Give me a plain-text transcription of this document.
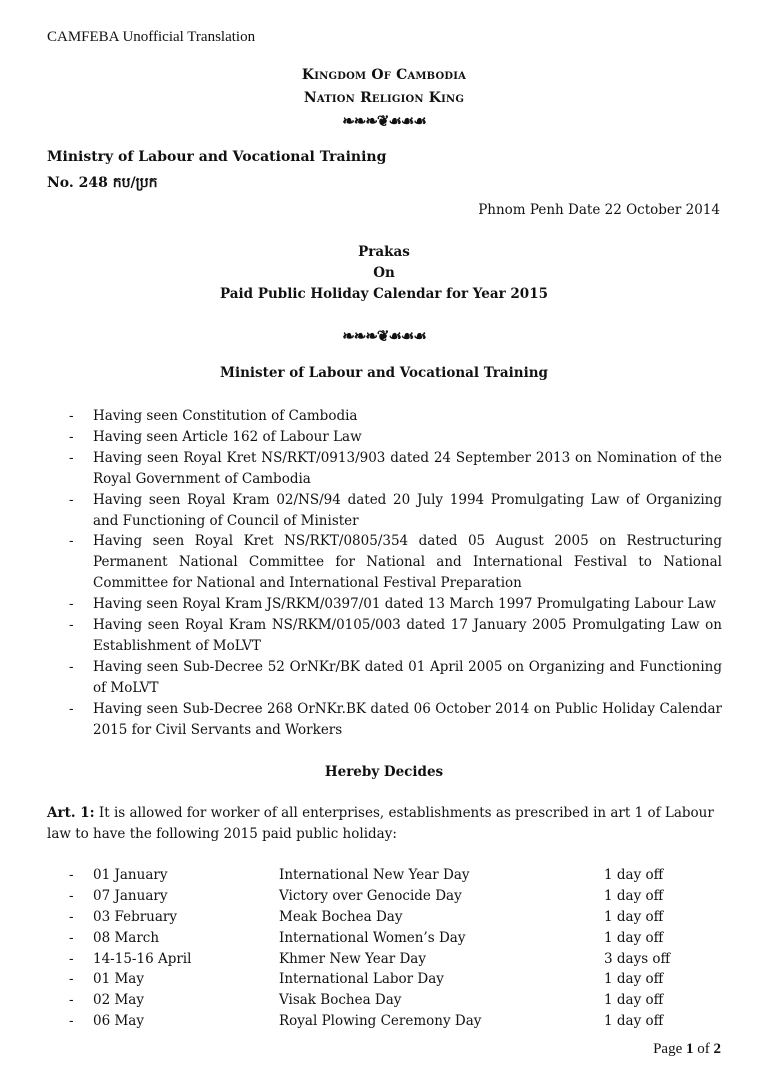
CAMFEBA Unofficial Translation
Kingdom Of Cambodia
Nation Religion King
❧❧❧❦☙☙☙
Ministry of Labour and Vocational Training
No. 248 កប/ប្រក
Phnom Penh Date 22 October 2014
Prakas
On
Paid Public Holiday Calendar for Year 2015
❧❧❧❦☙☙☙
Minister of Labour and Vocational Training
- Having seen Constitution of Cambodia
- Having seen Article 162 of Labour Law
- Having seen Royal Kret NS/RKT/0913/903 dated 24 September 2013 on Nomination of the Royal Government of Cambodia
- Having seen Royal Kram 02/NS/94 dated 20 July 1994 Promulgating Law of Organizing and Functioning of Council of Minister
- Having seen Royal Kret NS/RKT/0805/354 dated 05 August 2005 on Restructuring Permanent National Committee for National and International Festival to National Committee for National and International Festival Preparation
- Having seen Royal Kram JS/RKM/0397/01 dated 13 March 1997 Promulgating Labour Law
- Having seen Royal Kram NS/RKM/0105/003 dated 17 January 2005 Promulgating Law on Establishment of MoLVT
- Having seen Sub-Decree 52 OrNKr/BK dated 01 April 2005 on Organizing and Functioning of MoLVT
- Having seen Sub-Decree 268 OrNKr.BK dated 06 October 2014 on Public Holiday Calendar 2015 for Civil Servants and Workers
Hereby Decides
Art. 1: It is allowed for worker of all enterprises, establishments as prescribed in art 1 of Labour law to have the following 2015 paid public holiday:
- 01 January	International New Year Day	1 day off
- 07 January	Victory over Genocide Day	1 day off
- 03 February	Meak Bochea Day	1 day off
- 08 March	International Women’s Day	1 day off
- 14-15-16 April	Khmer New Year Day	3 days off
- 01 May	International Labor Day	1 day off
- 02 May	Visak Bochea Day	1 day off
- 06 May	Royal Plowing Ceremony Day	1 day off
Page 1 of 2
